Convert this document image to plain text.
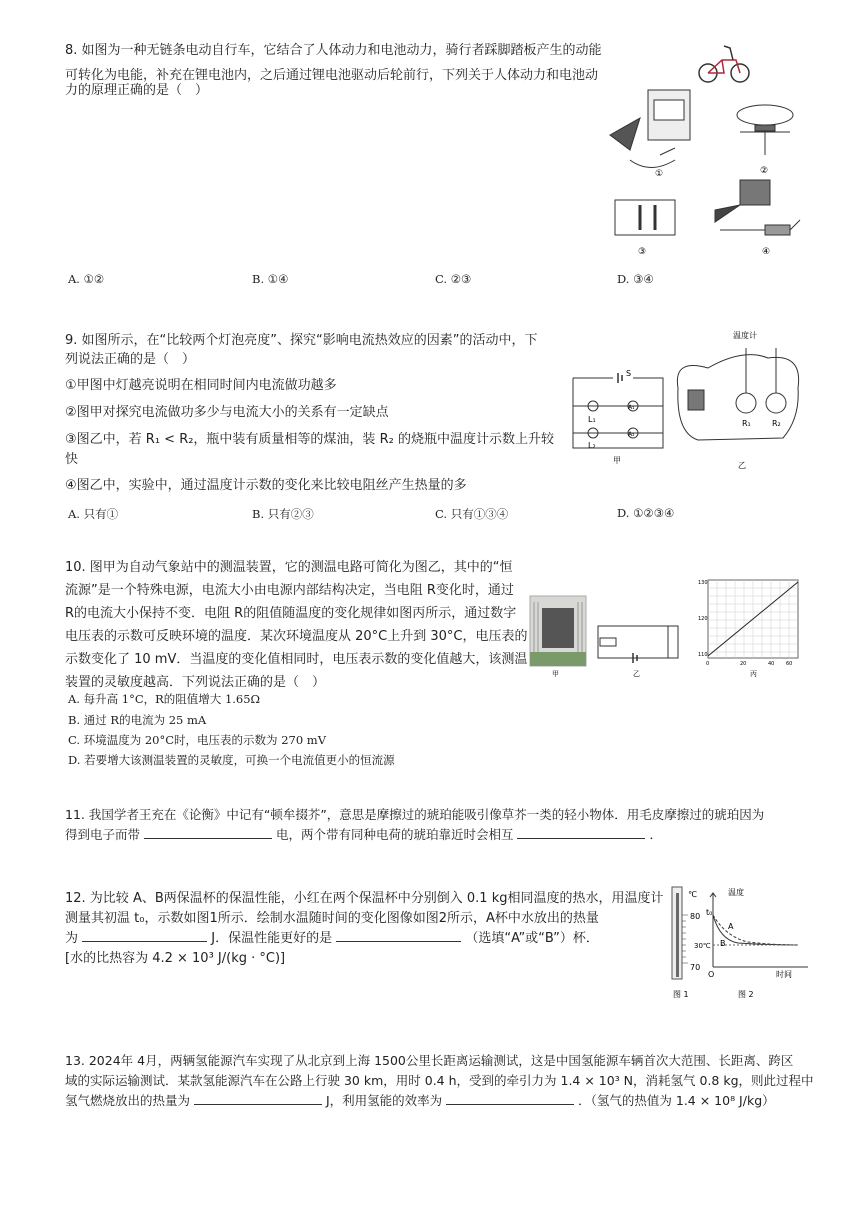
8. 如图为一种无链条电动自行车，它结合了人体动力和电池动力，骑行者踩脚踏板产生的动能
可转化为电能，补充在锂电池内，之后通过锂电池驱动后轮前行，下列关于人体动力和电池动
力的原理正确的是（　）
①	②
③	④
A. ①②	B. ①④	C. ②③	D. ③④
9. 如图所示，在“比较两个灯泡亮度”、探究“影响电流热效应的因素”的活动中，下
列说法正确的是（　）
①甲图中灯越亮说明在相同时间内电流做功越多
②图甲对探究电流做功多少与电流大小的关系有一定缺点
③图乙中，若 R₁ < R₂，瓶中装有质量相等的煤油，装 R₂ 的烧瓶中温度计示数上升较
快
④图乙中，实验中，通过温度计示数的变化来比较电阻丝产生热量的多
S
L₁
L₂
A₁
A₂
甲
温度计
R₁	R₂
乙
A. 只有①	B. 只有②③	C. 只有①③④	D. ①②③④
10. 图甲为自动气象站中的测温装置，它的测温电路可简化为图乙，其中的“恒
流源”是一个特殊电源，电流大小由电源内部结构决定，当电阻 R变化时，通过
R的电流大小保持不变．电阻 R的阻值随温度的变化规律如图丙所示，通过数字
电压表的示数可反映环境的温度．某次环境温度从 20°C上升到 30°C，电压表的
示数变化了 10 mV．当温度的变化值相同时，电压表示数的变化值越大，该测温
装置的灵敏度越高．下列说法正确的是（　）
甲	乙
130
120
110
0	20	40 60
丙
A. 每升高 1°C，R的阻值增大 1.65Ω
B. 通过 R的电流为 25 mA
C. 环境温度为 20°C时，电压表的示数为 270 mV
D. 若要增大该测温装置的灵敏度，可换一个电流值更小的恒流源
11. 我国学者王充在《论衡》中记有“顿牟掇芥”，意思是摩擦过的琥珀能吸引像草芥一类的轻小物体．用毛皮摩擦过的琥珀因为
得到电子而带	电，两个带有同种电荷的琥珀靠近时会相互	．
12. 为比较 A、B两保温杯的保温性能，小红在两个保温杯中分别倒入 0.1 kg相同温度的热水，用温度计
测量其初温 t₀，示数如图1所示．绘制水温随时间的变化图像如图2所示，A杯中水放出的热量
为	J．保温性能更好的是	（选填“A”或“B”）杯．
[水的比热容为 4.2 × 10³ J/(kg · °C)]
℃
80
70
图 1
温度
t₀
A
B
30℃
O	时间
图 2
13. 2024年 4月，两辆氢能源汽车实现了从北京到上海 1500公里长距离运输测试，这是中国氢能源车辆首次大范围、长距离、跨区
域的实际运输测试．某款氢能源汽车在公路上行驶 30 km，用时 0.4 h，受到的牵引力为 1.4 × 10³ N，消耗氢气 0.8 kg，则此过程中
氢气燃烧放出的热量为	J，利用氢能的效率为	．（氢气的热值为 1.4 × 10⁸ J/kg）
